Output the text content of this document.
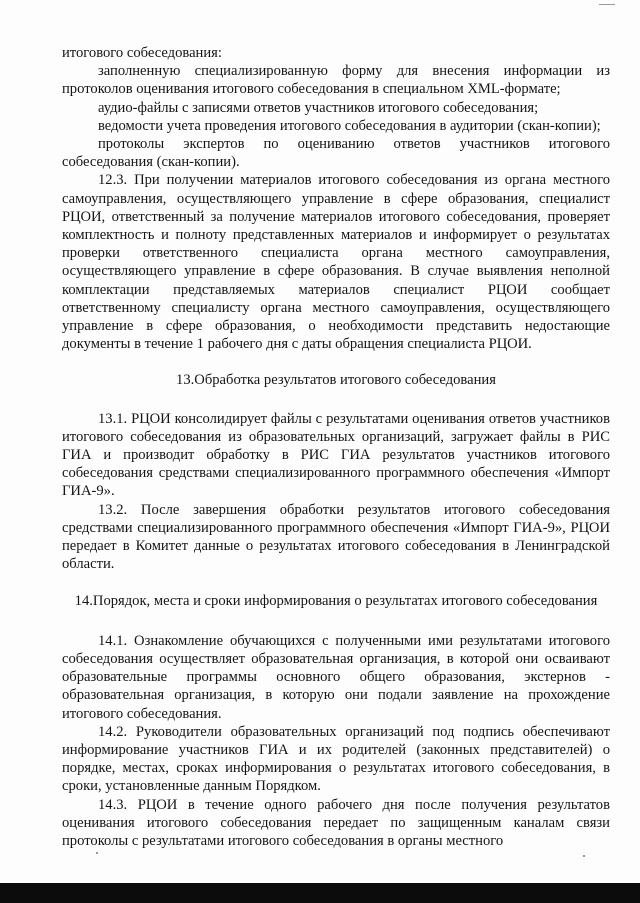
итогового собеседования:

заполненную специализированную форму для внесения информации из протоколов оценивания итогового собеседования в специальном XML-формате;

аудио-файлы с записями ответов участников итогового собеседования;

ведомости учета проведения итогового собеседования в аудитории (скан-копии);

протоколы экспертов по оцениванию ответов участников итогового собеседования (скан-копии).

12.3. При получении материалов итогового собеседования из органа местного самоуправления, осуществляющего управление в сфере образования, специалист РЦОИ, ответственный за получение материалов итогового собеседования, проверяет комплектность и полноту представленных материалов и информирует о результатах проверки ответственного специалиста органа местного самоуправления, осуществляющего управление в сфере образования. В случае выявления неполной комплектации представляемых материалов специалист РЦОИ сообщает ответственному специалисту органа местного самоуправления, осуществляющего управление в сфере образования, о необходимости представить недостающие документы в течение 1 рабочего дня с даты обращения специалиста РЦОИ.

13.Обработка результатов итогового собеседования

13.1. РЦОИ консолидирует файлы с результатами оценивания ответов участников итогового собеседования из образовательных организаций, загружает файлы в РИС ГИА и производит обработку в РИС ГИА результатов участников итогового собеседования средствами специализированного программного обеспечения «Импорт ГИА-9».

13.2. После завершения обработки результатов итогового собеседования средствами специализированного программного обеспечения «Импорт ГИА-9», РЦОИ передает в Комитет данные о результатах итогового собеседования в Ленинградской области.

14.Порядок, места и сроки информирования о результатах итогового собеседования

14.1. Ознакомление обучающихся с полученными ими результатами итогового собеседования осуществляет образовательная организация, в которой они осваивают образовательные программы основного общего образования, экстернов - образовательная организация, в которую они подали заявление на прохождение итогового собеседования.

14.2. Руководители образовательных организаций под подпись обеспечивают информирование участников ГИА и их родителей (законных представителей) о порядке, местах, сроках информирования о результатах итогового собеседования, в сроки, установленные данным Порядком.

14.3. РЦОИ в течение одного рабочего дня после получения результатов оценивания итогового собеседования передает по защищенным каналам связи протоколы с результатами итогового собеседования в органы местного
